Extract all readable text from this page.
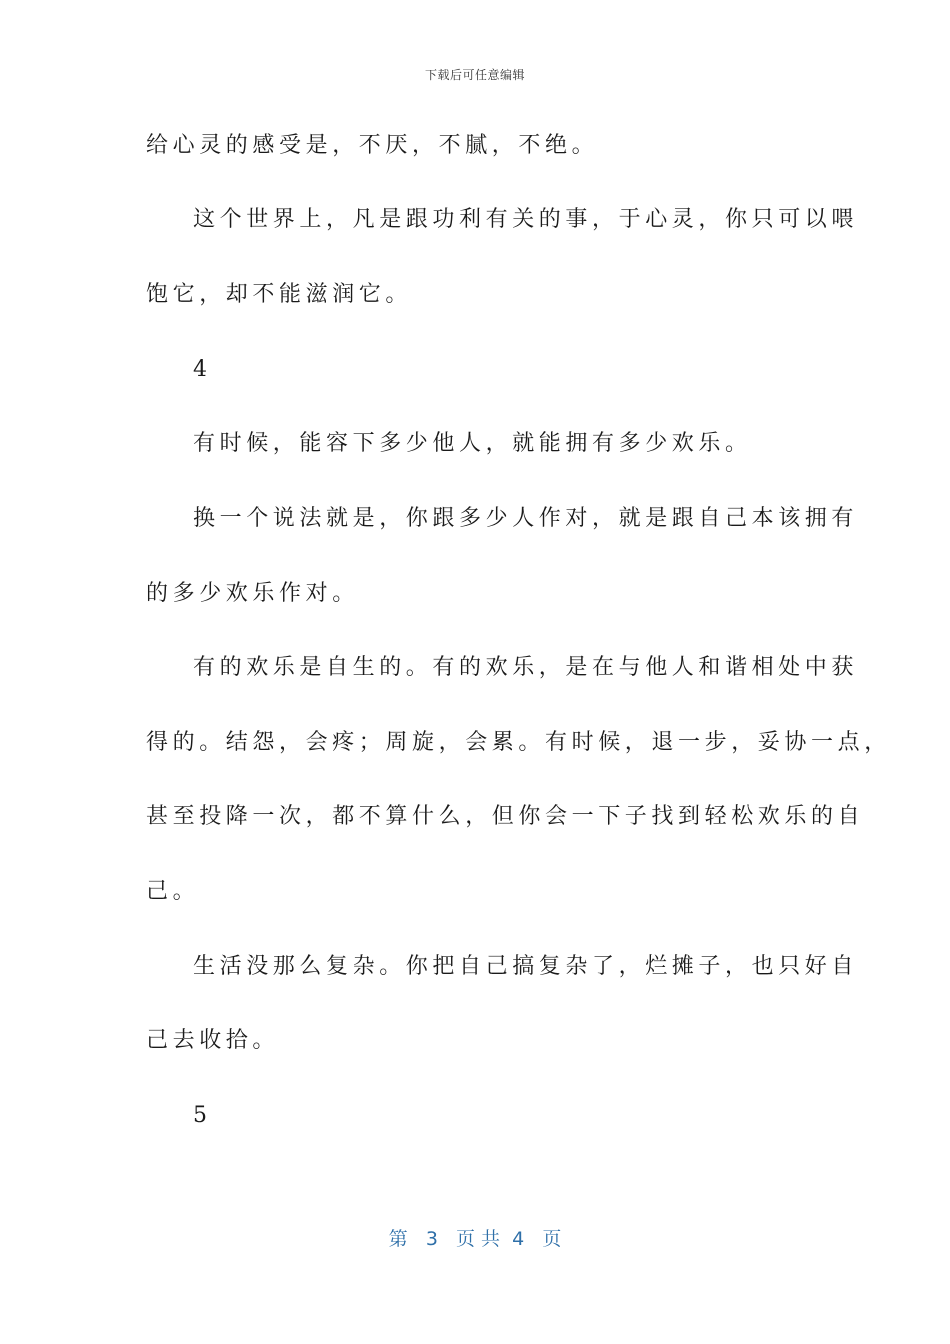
下载后可任意编辑
给心灵的感受是，不厌，不腻，不绝。
这个世界上，凡是跟功利有关的事，于心灵，你只可以喂
饱它，却不能滋润它。
4
有时候，能容下多少他人，就能拥有多少欢乐。
换一个说法就是，你跟多少人作对，就是跟自己本该拥有
的多少欢乐作对。
有的欢乐是自生的。有的欢乐，是在与他人和谐相处中获
得的。结怨，会疼；周旋，会累。有时候，退一步，妥协一点，
甚至投降一次，都不算什么，但你会一下子找到轻松欢乐的自
己。
生活没那么复杂。你把自己搞复杂了，烂摊子，也只好自
己去收拾。
5
第 3 页共 4 页
